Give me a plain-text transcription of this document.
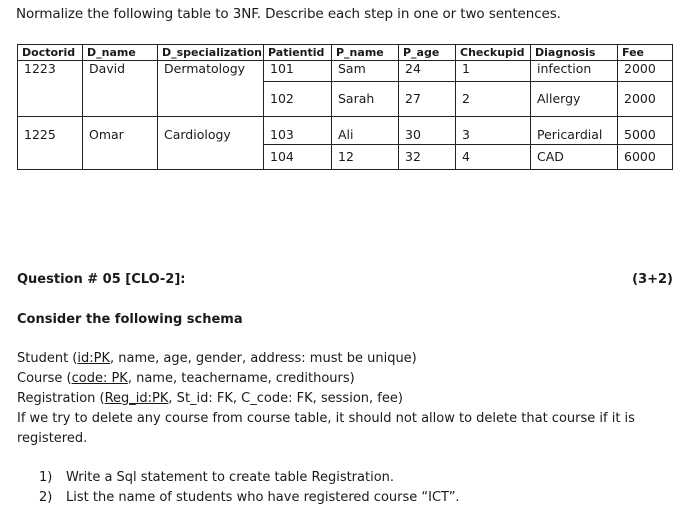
Normalize the following table to 3NF. Describe each step in one or two sentences.
Doctorid	D_name	D_specialization	Patientid	P_name	P_age	Checkupid	Diagnosis	Fee
1223	David	Dermatology	101	Sam	24	1	infection	2000
			102	Sarah	27	2	Allergy	2000
1225	Omar	Cardiology	103	Ali	30	3	Pericardial	5000
			104	12	32	4	CAD	6000
Question # 05 [CLO-2]:	(3+2)
Consider the following schema
Student (id:PK, name, age, gender, address: must be unique)
Course (code: PK, name, teachername, credithours)
Registration (Reg_id:PK, St_id: FK, C_code: FK, session, fee)
If we try to delete any course from course table, it should not allow to delete that course if it is registered.
1) Write a Sql statement to create table Registration.
2) List the name of students who have registered course “ICT”.
